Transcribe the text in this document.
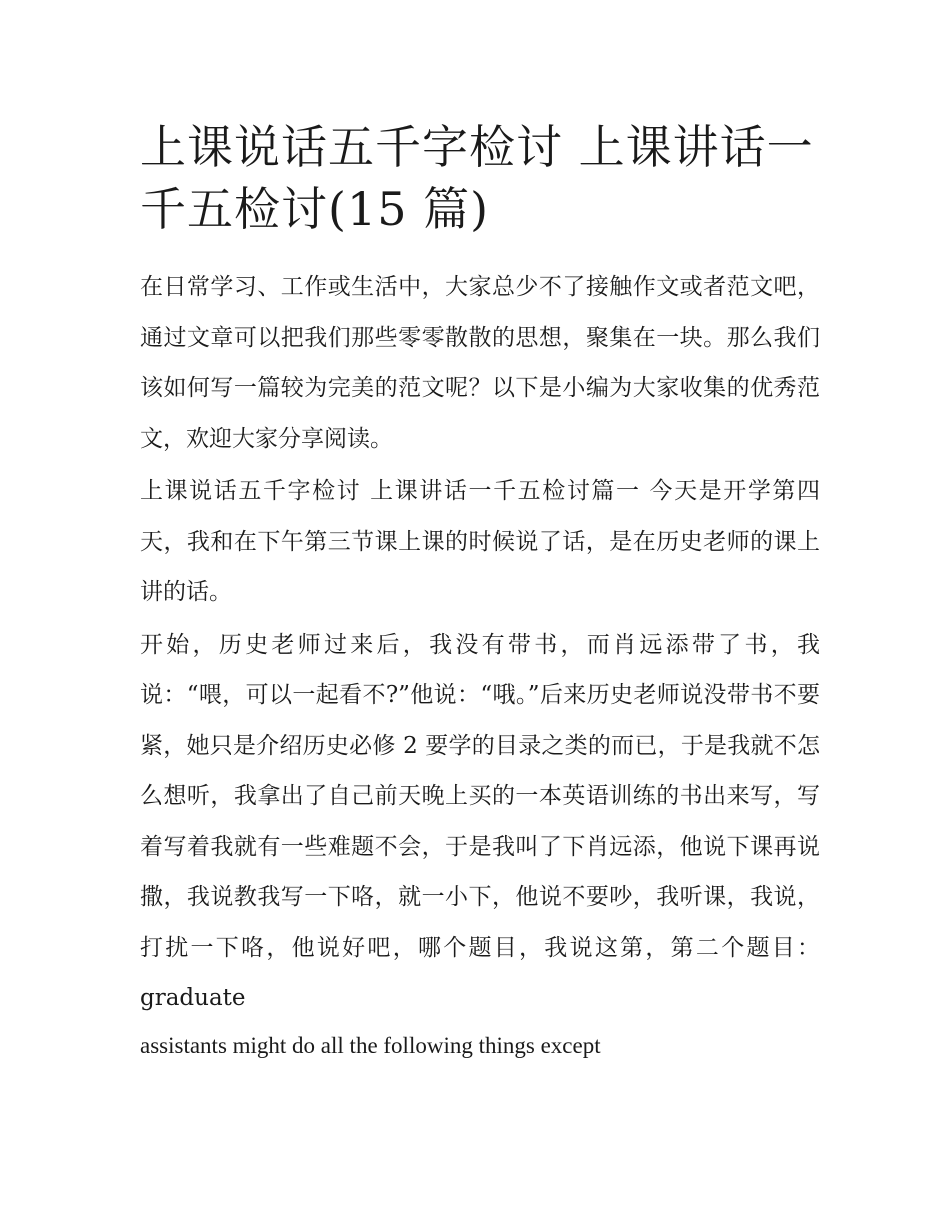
上课说话五千字检讨 上课讲话一千五检讨(15 篇)

在日常学习、工作或生活中，大家总少不了接触作文或者范文吧，通过文章可以把我们那些零零散散的思想，聚集在一块。那么我们该如何写一篇较为完美的范文呢？以下是小编为大家收集的优秀范文，欢迎大家分享阅读。

上课说话五千字检讨 上课讲话一千五检讨篇一 今天是开学第四天，我和在下午第三节课上课的时候说了话，是在历史老师的课上讲的话。

开始，历史老师过来后，我没有带书，而肖远添带了书，我说：“喂，可以一起看不?”他说：“哦。”后来历史老师说没带书不要紧，她只是介绍历史必修 2 要学的目录之类的而已，于是我就不怎么想听，我拿出了自己前天晚上买的一本英语训练的书出来写，写着写着我就有一些难题不会，于是我叫了下肖远添，他说下课再说撒，我说教我写一下咯，就一小下，他说不要吵，我听课，我说，打扰一下咯，他说好吧，哪个题目，我说这第，第二个题目：graduate

assistants might do all the following things except
